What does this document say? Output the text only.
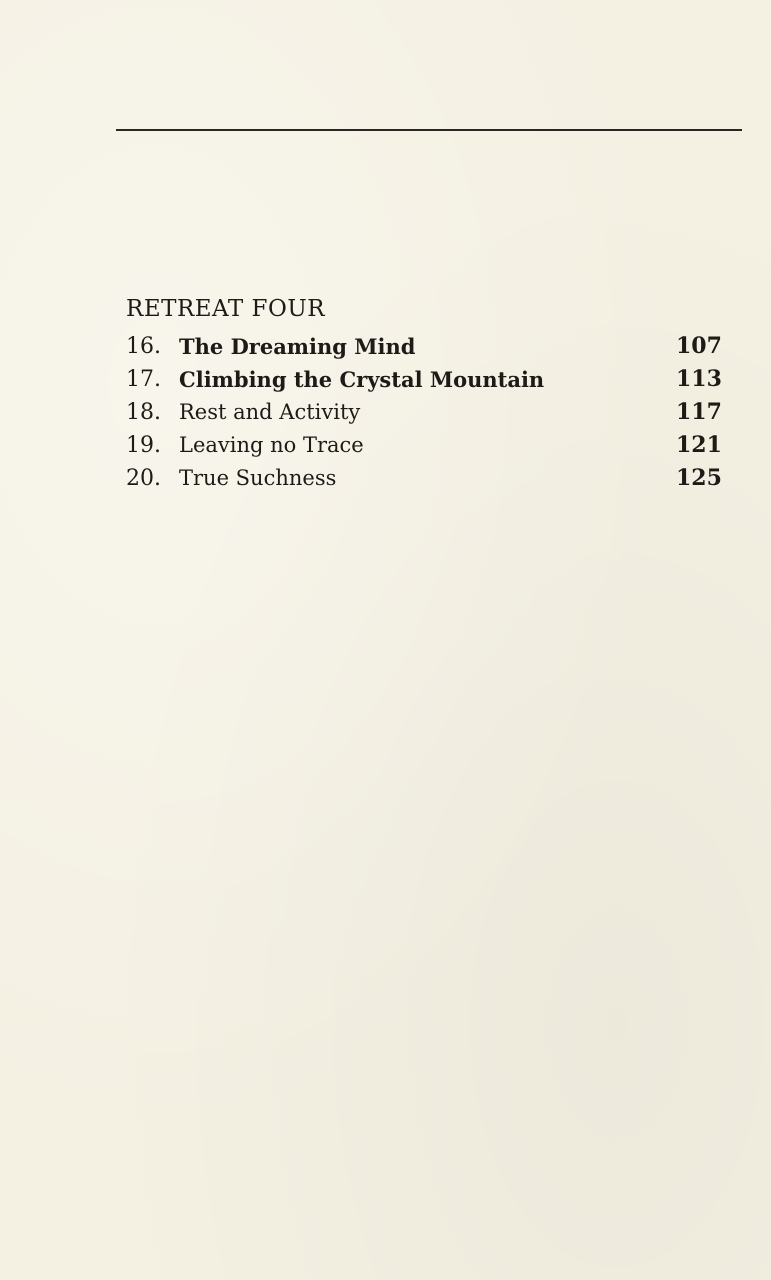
RETREAT FOUR
16. The Dreaming Mind	107
17. Climbing the Crystal Mountain	113
18. Rest and Activity	117
19. Leaving no Trace	121
20. True Suchness	125
